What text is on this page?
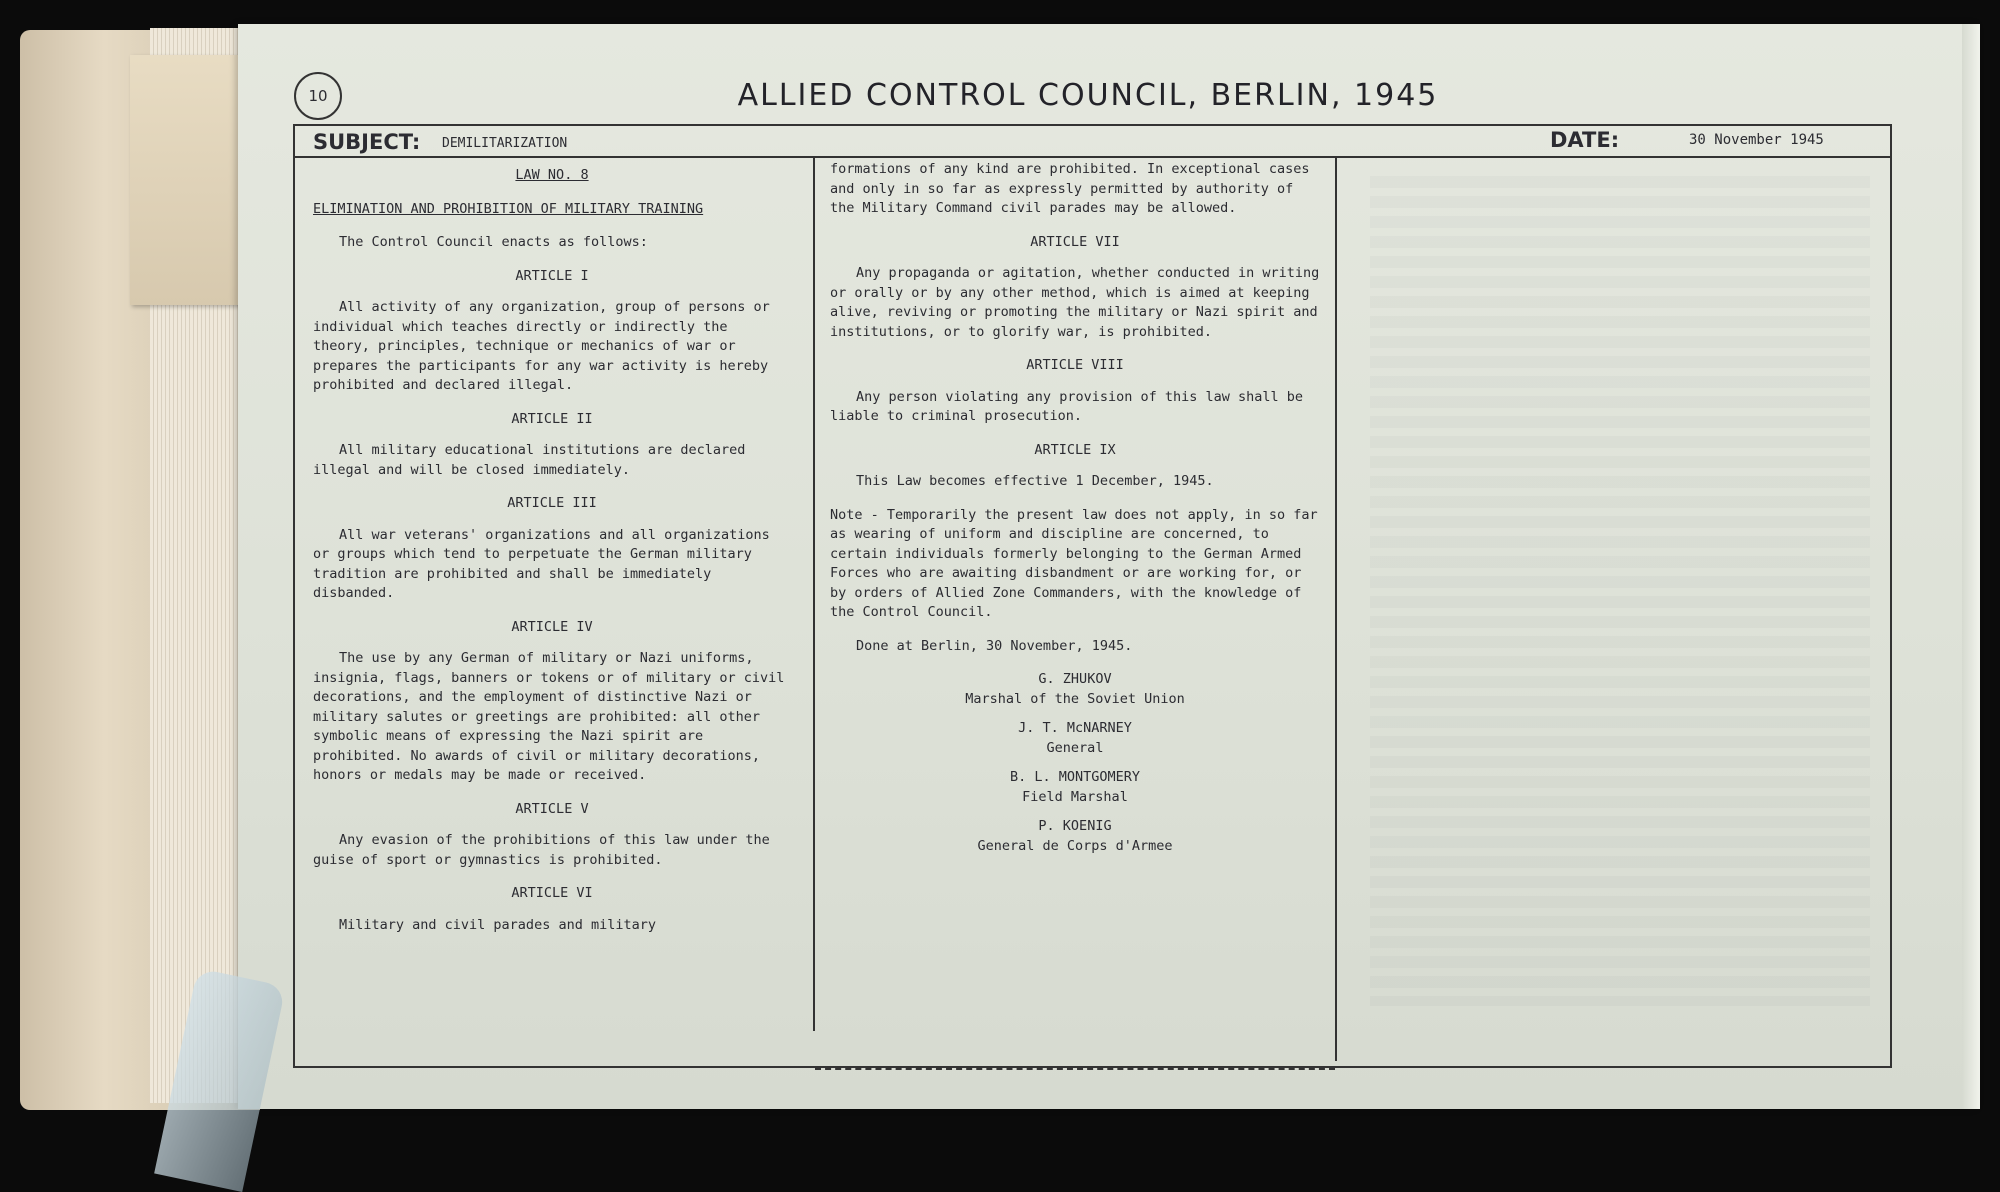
10	ALLIED CONTROL COUNCIL, BERLIN, 1945
SUBJECT: DEMILITARIZATION	DATE:	30 November 1945

LAW NO. 8

ELIMINATION AND PROHIBITION OF MILITARY TRAINING

The Control Council enacts as follows:

ARTICLE I

All activity of any organization, group of persons or individual which teaches directly or indirectly the theory, principles, technique or mechanics of war or prepares the participants for any war activity is hereby prohibited and declared illegal.

ARTICLE II

All military educational institutions are declared illegal and will be closed immediately.

ARTICLE III

All war veterans' organizations and all organizations or groups which tend to perpetuate the German military tradition are prohibited and shall be immediately disbanded.

ARTICLE IV

The use by any German of military or Nazi uniforms, insignia, flags, banners or tokens or of military or civil decorations, and the employment of distinctive Nazi or military salutes or greetings are prohibited: all other symbolic means of expressing the Nazi spirit are prohibited. No awards of civil or military decorations, honors or medals may be made or received.

ARTICLE V

Any evasion of the prohibitions of this law under the guise of sport or gymnastics is prohibited.

ARTICLE VI

Military and civil parades and military

formations of any kind are prohibited. In exceptional cases and only in so far as expressly permitted by authority of the Military Command civil parades may be allowed.

ARTICLE VII

Any propaganda or agitation, whether conducted in writing or orally or by any other method, which is aimed at keeping alive, reviving or promoting the military or Nazi spirit and institutions, or to glorify war, is prohibited.

ARTICLE VIII

Any person violating any provision of this law shall be liable to criminal prosecution.

ARTICLE IX

This Law becomes effective 1 December, 1945.

Note - Temporarily the present law does not apply, in so far as wearing of uniform and discipline are concerned, to certain individuals formerly belonging to the German Armed Forces who are awaiting disbandment or are working for, or by orders of Allied Zone Commanders, with the knowledge of the Control Council.

Done at Berlin, 30 November, 1945.

G. ZHUKOV
Marshal of the Soviet Union
J. T. McNARNEY
General
B. L. MONTGOMERY
Field Marshal
P. KOENIG
General de Corps d'Armee
